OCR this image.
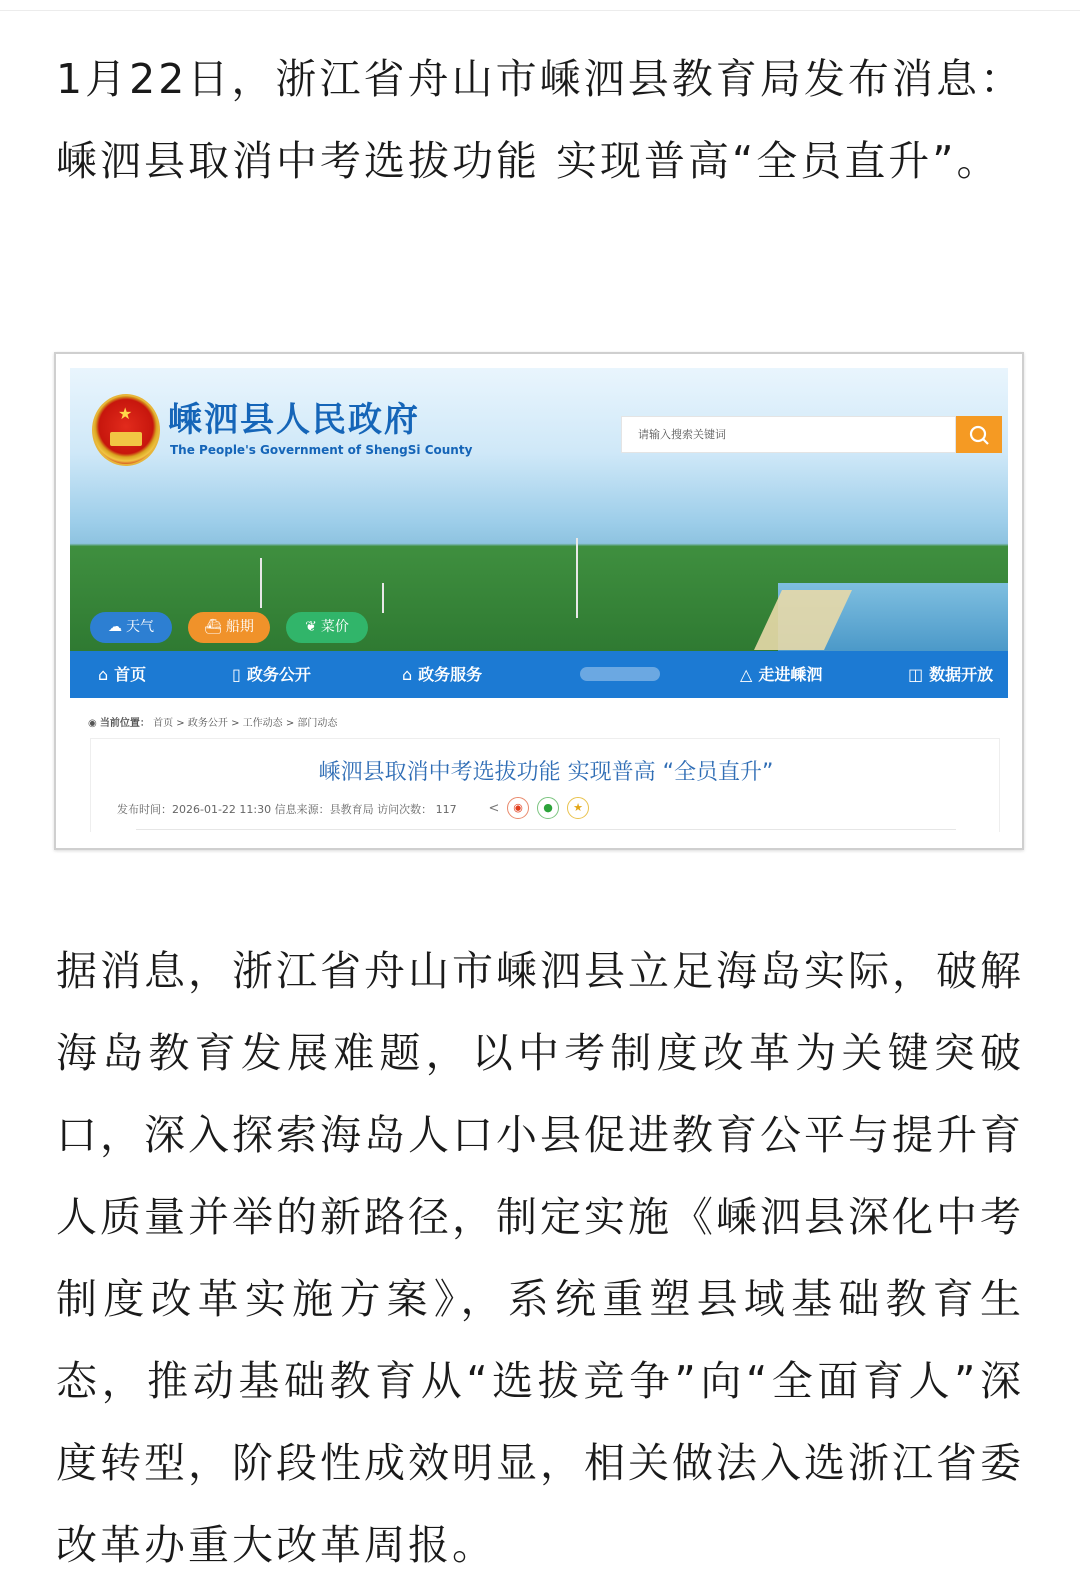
1月22日，浙江省舟山市嵊泗县教育局发布消息：嵊泗县取消中考选拔功能 实现普高“全员直升”。

★ 嵊泗县人民政府
The People's Government of ShengSi County
请输入搜索关键词
☁ 天气	⛴ 船期	❦ 菜价
⌂ 首页	▯ 政务公开	⌂ 政务服务	△ 走进嵊泗	◫ 数据开放
◉ 当前位置： 首页 > 政务公开 > 工作动态 > 部门动态
嵊泗县取消中考选拔功能 实现普高 “全员直升”
发布时间：2026-01-22 11:30 信息来源：县教育局 访问次数： 117 <	◉	●	★

据消息，浙江省舟山市嵊泗县立足海岛实际，破解海岛教育发展难题，以中考制度改革为关键突破口，深入探索海岛人口小县促进教育公平与提升育人质量并举的新路径，制定实施《嵊泗县深化中考制度改革实施方案》，系统重塑县域基础教育生态，推动基础教育从“选拔竞争”向“全面育人”深度转型，阶段性成效明显，相关做法入选浙江省委改革办重大改革周报。
